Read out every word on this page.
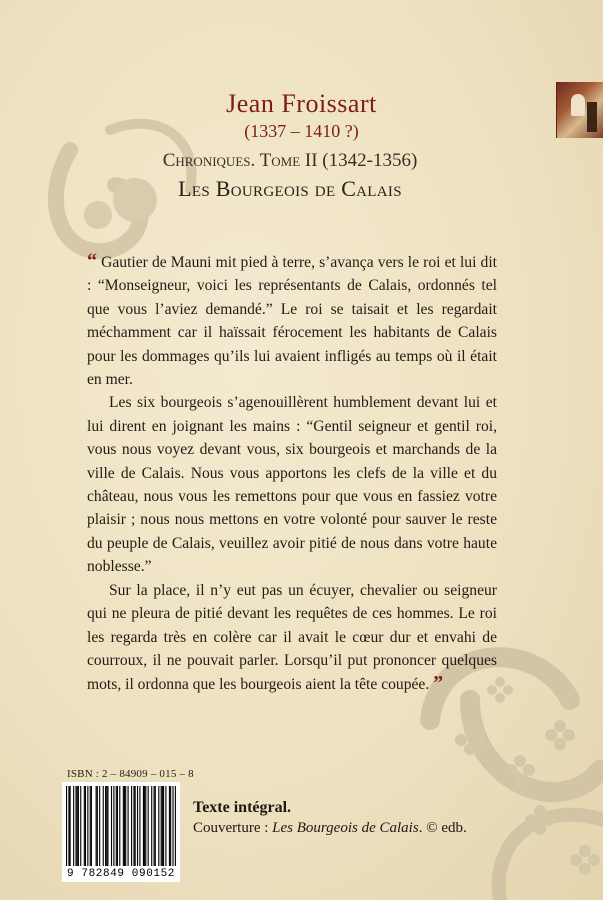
Jean Froissart
(1337 – 1410 ?)
Chroniques. Tome II (1342-1356)
Les Bourgeois de Calais

“ Gautier de Mauni mit pied à terre, s’avança vers le roi et lui dit : “Monseigneur, voici les représentants de Calais, ordonnés tel que vous l’aviez demandé.” Le roi se taisait et les regardait méchamment car il haïssait férocement les habitants de Calais pour les dommages qu’ils lui avaient infligés au temps où il était en mer.

Les six bourgeois s’agenouillèrent humblement devant lui et lui dirent en joignant les mains : “Gentil seigneur et gentil roi, vous nous voyez devant vous, six bourgeois et marchands de la ville de Calais. Nous vous apportons les clefs de la ville et du château, nous vous les remettons pour que vous en fassiez votre plaisir ; nous nous mettons en votre volonté pour sauver le reste du peuple de Calais, veuillez avoir pitié de nous dans votre haute noblesse.”

Sur la place, il n’y eut pas un écuyer, chevalier ou seigneur qui ne pleura de pitié devant les requêtes de ces hommes. Le roi les regarda très en colère car il avait le cœur dur et envahi de courroux, il ne pouvait parler. Lorsqu’il put prononcer quelques mots, il ordonna que les bourgeois aient la tête coupée. ”

ISBN : 2 – 84909 – 015 – 8
9 782849 090152
Texte intégral.
Couverture : Les Bourgeois de Calais. © edb.
